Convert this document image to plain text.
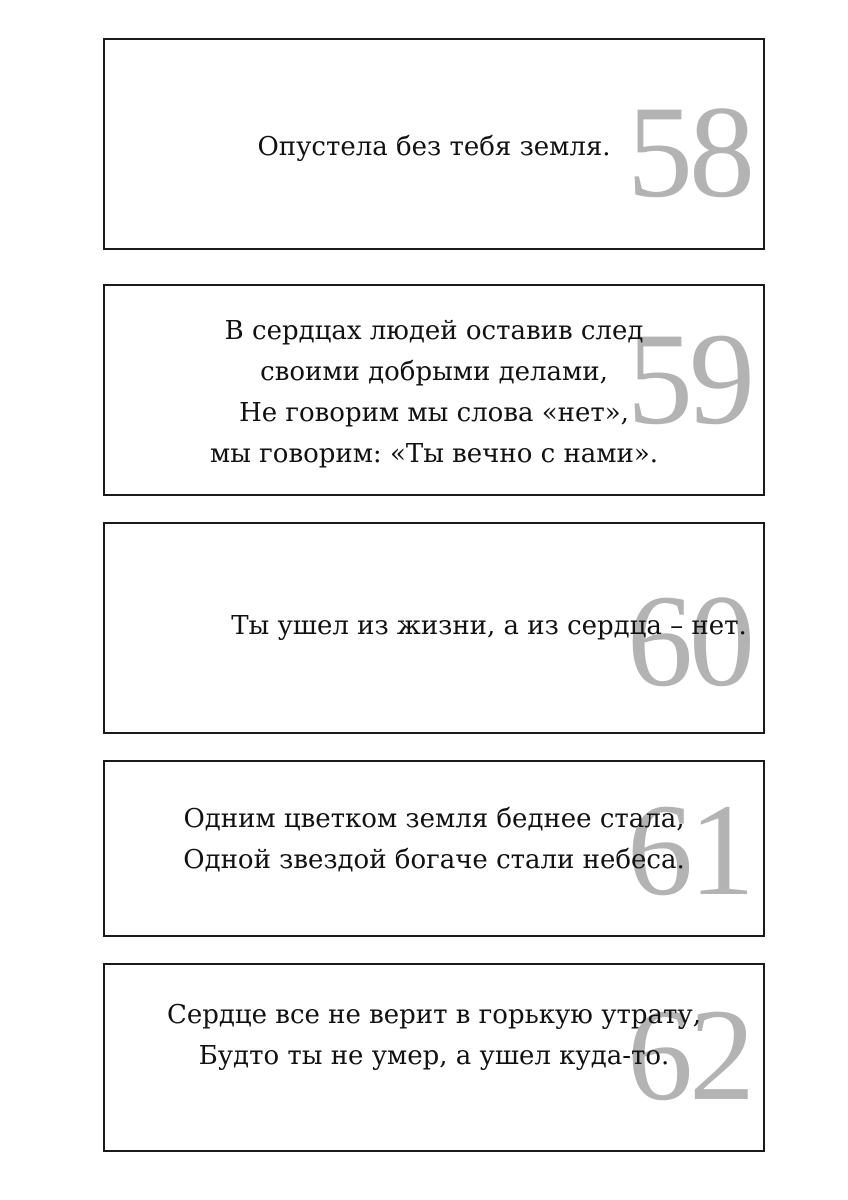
58
Опустела без тебя земля.
59
В сердцах людей оставив след
своими добрыми делами,
Не говорим мы слова «нет»,
мы говорим: «Ты вечно с нами».
60
Ты ушел из жизни, а из сердца – нет.
61
Одним цветком земля беднее стала,
Одной звездой богаче стали небеса.
62
Сердце все не верит в горькую утрату,
Будто ты не умер, а ушел куда-то.
